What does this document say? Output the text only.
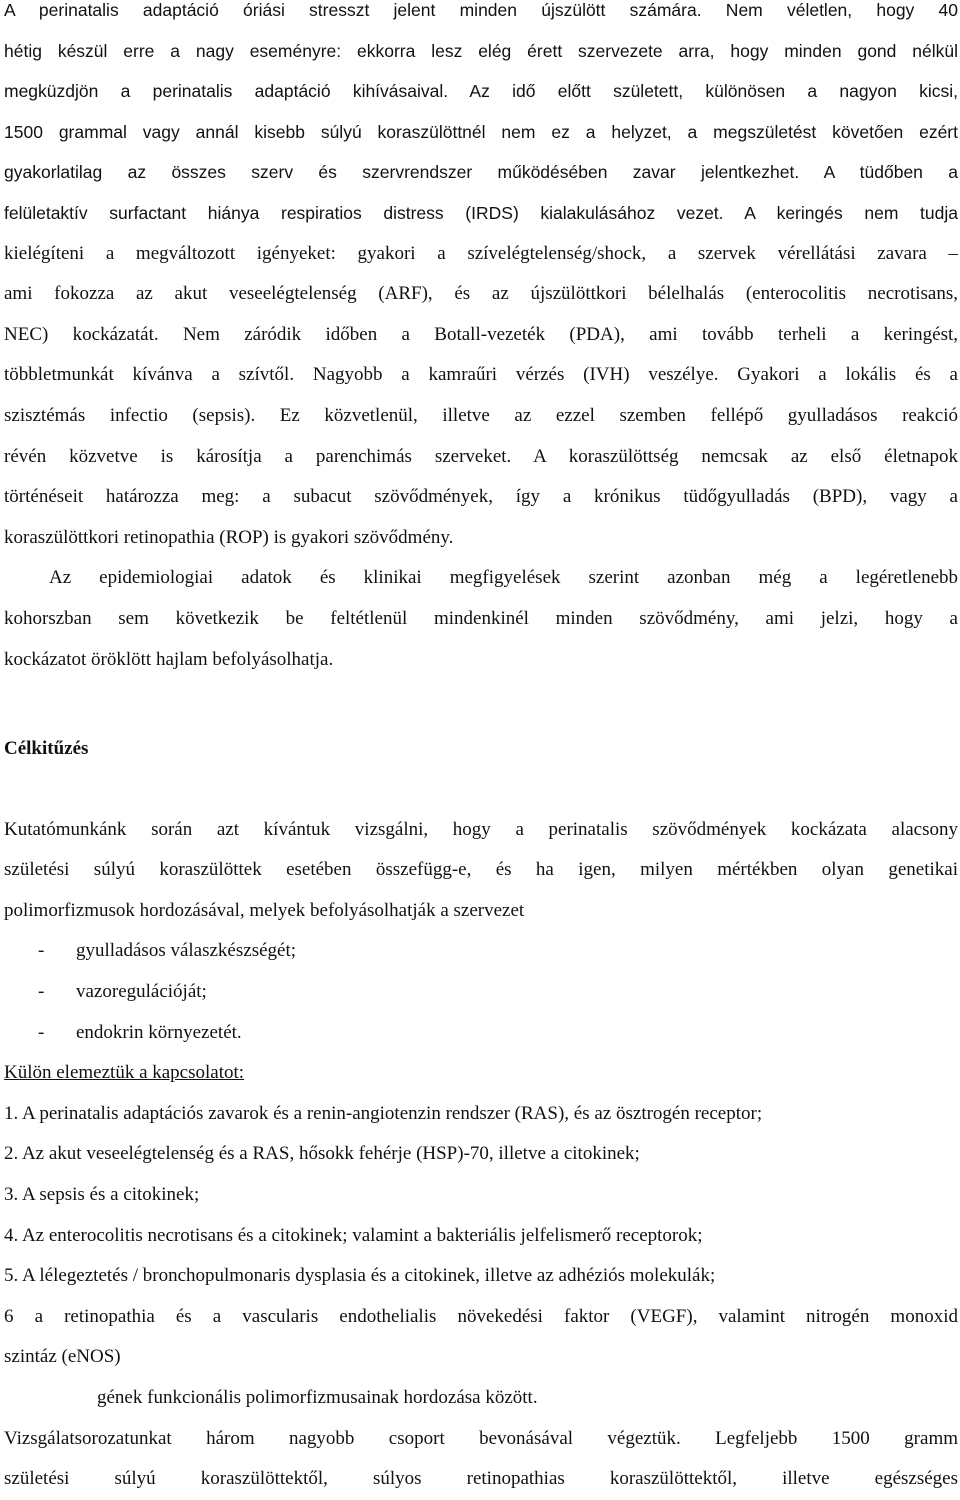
A perinatalis adaptáció óriási stresszt jelent minden újszülött számára. Nem véletlen, hogy 40
hétig készül erre a nagy eseményre: ekkorra lesz elég érett szervezete arra, hogy minden gond nélkül
megküzdjön a perinatalis adaptáció kihívásaival. Az idő előtt született, különösen a nagyon kicsi,
1500 grammal vagy annál kisebb súlyú koraszülöttnél nem ez a helyzet, a megszületést követően ezért
gyakorlatilag az összes szerv és szervrendszer működésében zavar jelentkezhet. A tüdőben a
felületaktív surfactant hiánya respiratios distress (IRDS) kialakulásához vezet. A keringés nem tudja
kielégíteni a megváltozott igényeket: gyakori a szívelégtelenség/shock, a szervek vérellátási zavara –
ami fokozza az akut veseelégtelenség (ARF), és az újszülöttkori bélelhalás (enterocolitis necrotisans,
NEC) kockázatát. Nem záródik időben a Botall-vezeték (PDA), ami tovább terheli a keringést,
többletmunkát kívánva a szívtől. Nagyobb a kamraűri vérzés (IVH) veszélye. Gyakori a lokális és a
szisztémás infectio (sepsis). Ez közvetlenül, illetve az ezzel szemben fellépő gyulladásos reakció
révén közvetve is károsítja a parenchimás szerveket. A koraszülöttség nemcsak az első életnapok
történéseit határozza meg: a subacut szövődmények, így a krónikus tüdőgyulladás (BPD), vagy a
koraszülöttkori retinopathia (ROP) is gyakori szövődmény.
Az epidemiologiai adatok és klinikai megfigyelések szerint azonban még a legéretlenebb
kohorszban sem következik be feltétlenül mindenkinél minden szövődmény, ami jelzi, hogy a
kockázatot öröklött hajlam befolyásolhatja.
Célkitűzés
Kutatómunkánk során azt kívántuk vizsgálni, hogy a perinatalis szövődmények kockázata alacsony
születési súlyú koraszülöttek esetében összefügg-e, és ha igen, milyen mértékben olyan genetikai
polimorfizmusok hordozásával, melyek befolyásolhatják a szervezet
- gyulladásos válaszkészségét;
- vazoregulációját;
- endokrin környezetét.
Külön elemeztük a kapcsolatot:
1. A perinatalis adaptációs zavarok és a renin-angiotenzin rendszer (RAS), és az ösztrogén receptor;
2. Az akut veseelégtelenség és a RAS, hősokk fehérje (HSP)-70, illetve a citokinek;
3. A sepsis és a citokinek;
4. Az enterocolitis necrotisans és a citokinek; valamint a bakteriális jelfelismerő receptorok;
5. A lélegeztetés / bronchopulmonaris dysplasia és a citokinek, illetve az adhéziós molekulák;
6 a retinopathia és a vascularis endothelialis növekedési faktor (VEGF), valamint nitrogén monoxid
szintáz (eNOS)
gének funkcionális polimorfizmusainak hordozása között.
Vizsgálatsorozatunkat három nagyobb csoport bevonásával végeztük. Legfeljebb 1500 gramm
születési súlyú koraszülöttektől, súlyos retinopathias koraszülöttektől, illetve egészséges
